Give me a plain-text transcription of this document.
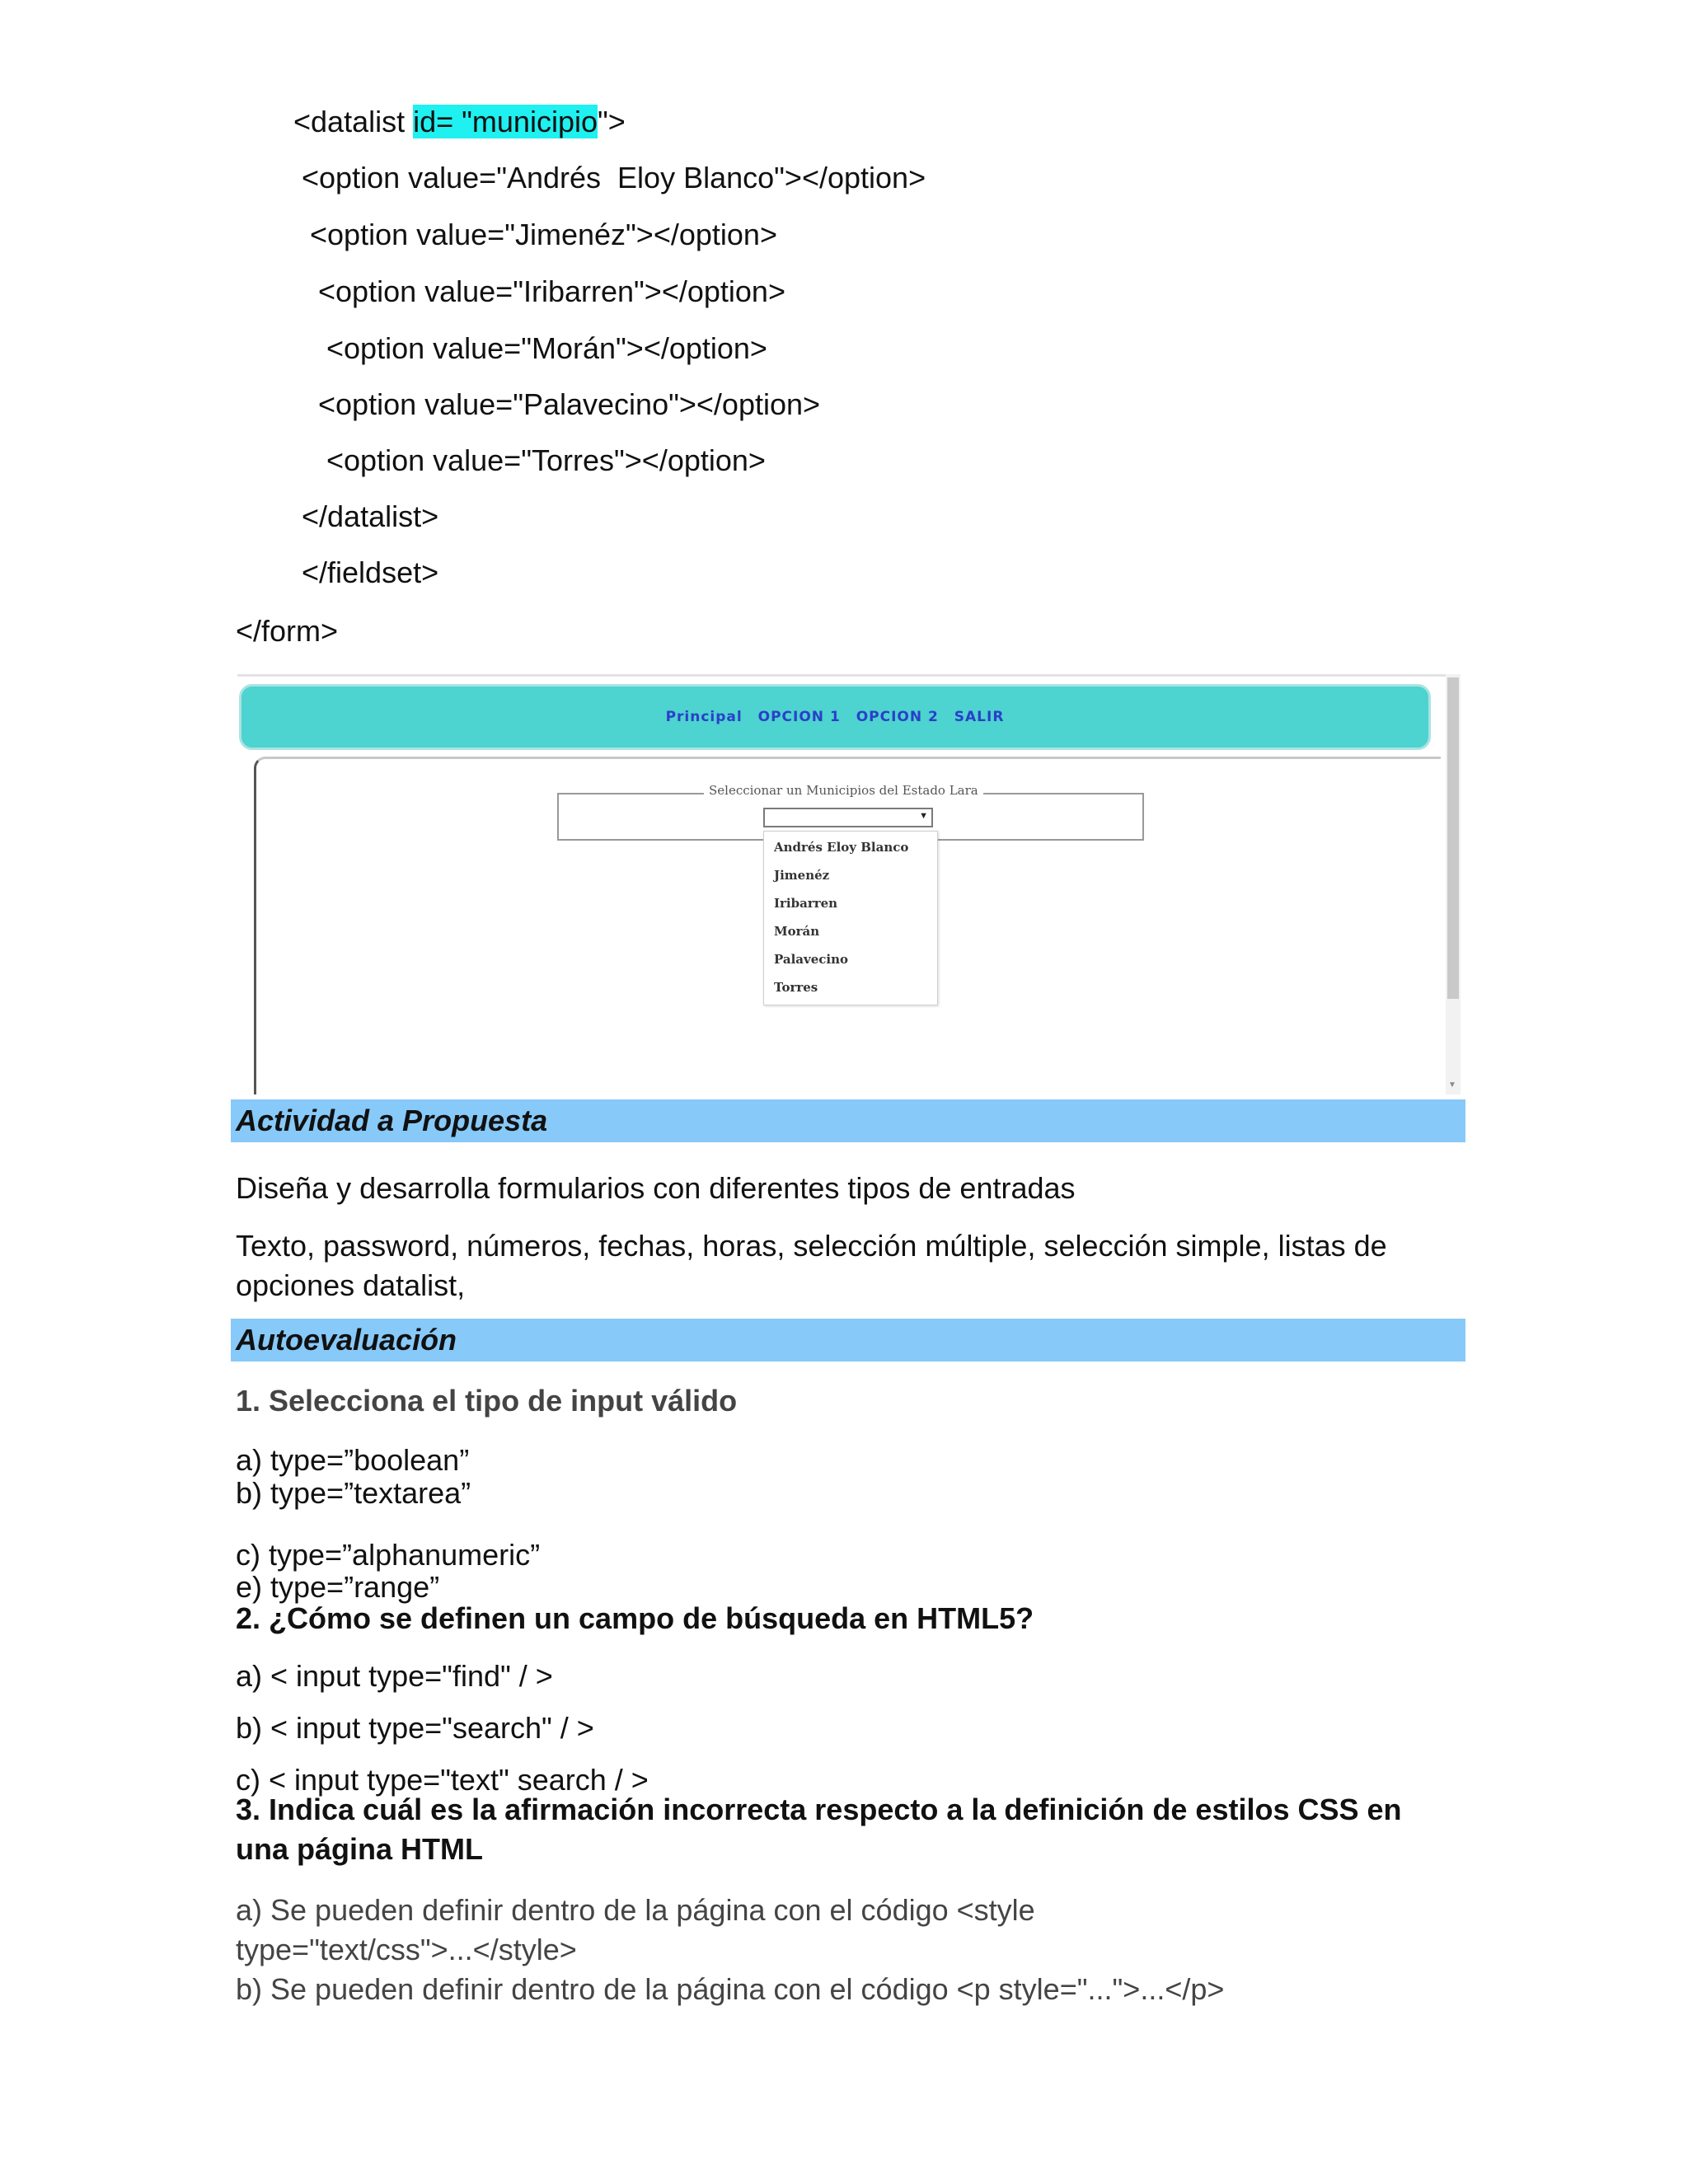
<datalist id= "municipio">
<option value="Andrés  Eloy Blanco"></option>
<option value="Jimenéz"></option>
<option value="Iribarren"></option>
<option value="Morán"></option>
<option value="Palavecino"></option>
<option value="Torres"></option>
</datalist>
</fieldset>
</form>
Principal OPCION 1 OPCION 2 SALIR
Seleccionar un Municipios del Estado Lara
▼
Andrés Eloy Blanco
Jimenéz
Iribarren
Morán
Palavecino
Torres
▼
Actividad a Propuesta
Diseña y desarrolla formularios con diferentes tipos de entradas
Texto, password, números, fechas, horas, selección múltiple, selección simple, listas de
opciones datalist,
Autoevaluación
1. Selecciona el tipo de input válido
a) type=”boolean”
b) type=”textarea”
c) type=”alphanumeric”
e) type=”range”
2. ¿Cómo se definen un campo de búsqueda en HTML5?
a) < input type="find" / >
b) < input type="search" / >
c) < input type="text" search / >
3. Indica cuál es la afirmación incorrecta respecto a la definición de estilos CSS en
una página HTML
a) Se pueden definir dentro de la página con el código <style
type="text/css">...</style>
b) Se pueden definir dentro de la página con el código <p style="...">...</p>
